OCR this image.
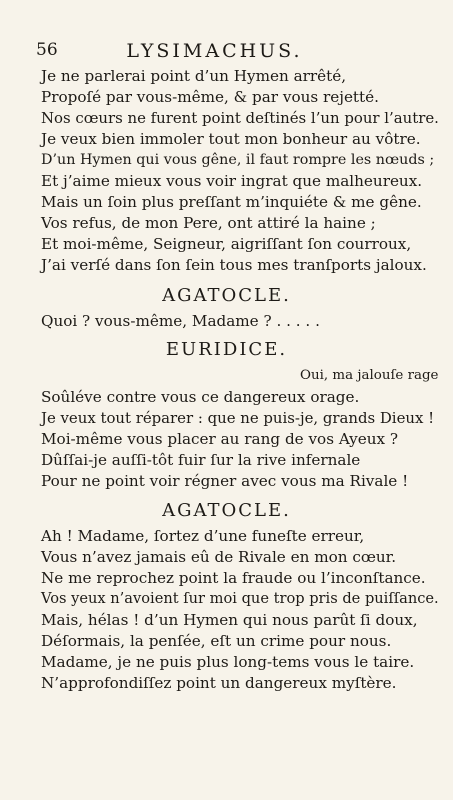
56	LYSIMACHUS.
Je ne parlerai point d’un Hymen arrêté,
Propoſé par vous-même, & par vous rejetté.
Nos cœurs ne furent point deſtinés l’un pour l’autre.
Je veux bien immoler tout mon bonheur au vôtre.
D’un Hymen qui vous gêne, il faut rompre les nœuds ;
Et j’aime mieux vous voir ingrat que malheureux.
Mais un ſoin plus preſſant m’inquiéte & me gêne.
Vos refus, de mon Pere, ont attiré la haine ;
Et moi-même, Seigneur, aigriſſant ſon courroux,
J’ai verſé dans ſon ſein tous mes tranſports jaloux.
AGATOCLE.
Quoi ? vous-même, Madame ? . . . . .
EURIDICE.
Oui, ma jalouſe rage
Soûléve contre vous ce dangereux orage.
Je veux tout réparer : que ne puis-je, grands Dieux !
Moi-même vous placer au rang de vos Ayeux ?
Dûſſai-je auſſi-tôt fuir ſur la rive infernale
Pour ne point voir régner avec vous ma Rivale !
AGATOCLE.
Ah ! Madame, ſortez d’une funeſte erreur,
Vous n’avez jamais eû de Rivale en mon cœur.
Ne me reprochez point la fraude ou l’inconſtance.
Vos yeux n’avoient ſur moi que trop pris de puiſſance.
Mais, hélas ! d’un Hymen qui nous parût ſi doux,
Déſormais, la penſée, eſt un crime pour nous.
Madame, je ne puis plus long-tems vous le taire.
N’approfondiſſez point un dangereux myſtère.
